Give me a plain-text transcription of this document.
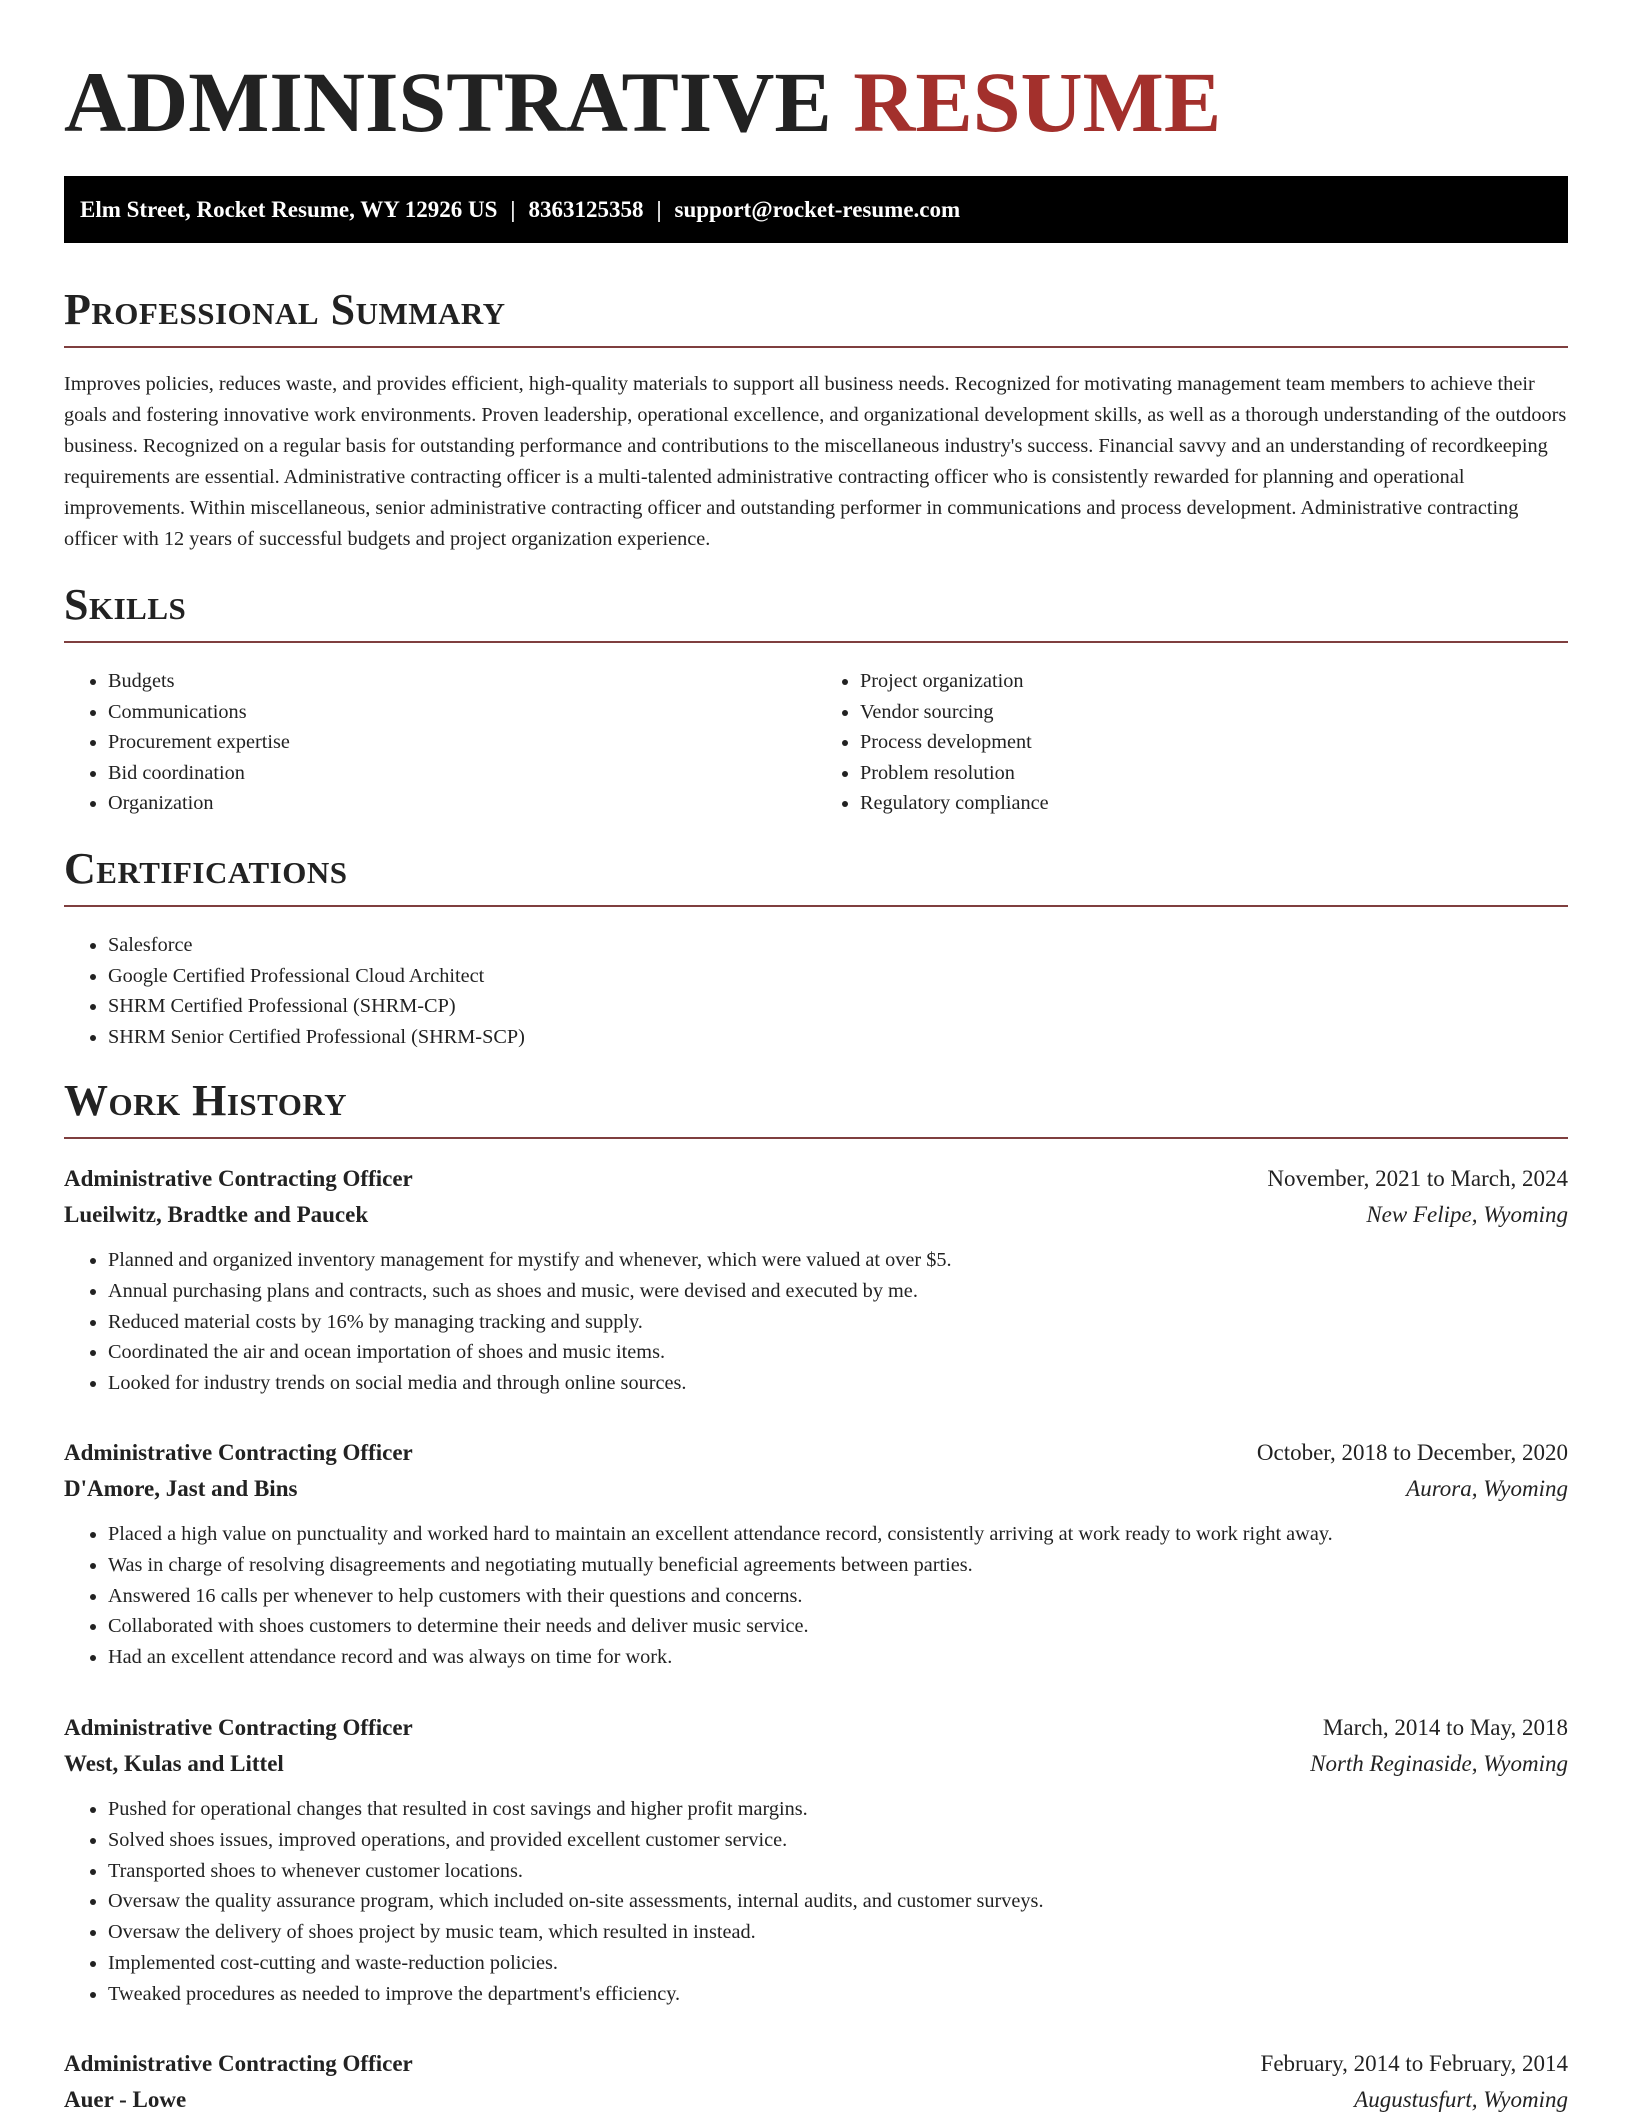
ADMINISTRATIVE RESUME
Elm Street, Rocket Resume, WY 12926 US | 8363125358 | support@rocket-resume.com
Professional Summary

Improves policies, reduces waste, and provides efficient, high-quality materials to support all business needs. Recognized for motivating management team members to achieve their goals and fostering innovative work environments. Proven leadership, operational excellence, and organizational development skills, as well as a thorough understanding of the outdoors business. Recognized on a regular basis for outstanding performance and contributions to the miscellaneous industry's success. Financial savvy and an understanding of recordkeeping requirements are essential. Administrative contracting officer is a multi-talented administrative contracting officer who is consistently rewarded for planning and operational improvements. Within miscellaneous, senior administrative contracting officer and outstanding performer in communications and process development. Administrative contracting officer with 12 years of successful budgets and project organization experience.

Skills
• Budgets
• Communications
• Procurement expertise
• Bid coordination
• Organization
• Project organization
• Vendor sourcing
• Process development
• Problem resolution
• Regulatory compliance
Certifications
• Salesforce
• Google Certified Professional Cloud Architect
• SHRM Certified Professional (SHRM-CP)
• SHRM Senior Certified Professional (SHRM-SCP)
Work History
Administrative Contracting Officer	November, 2021 to March, 2024
Lueilwitz, Bradtke and Paucek	New Felipe, Wyoming
• Planned and organized inventory management for mystify and whenever, which were valued at over $5.
• Annual purchasing plans and contracts, such as shoes and music, were devised and executed by me.
• Reduced material costs by 16% by managing tracking and supply.
• Coordinated the air and ocean importation of shoes and music items.
• Looked for industry trends on social media and through online sources.
Administrative Contracting Officer	October, 2018 to December, 2020
D'Amore, Jast and Bins	Aurora, Wyoming
• Placed a high value on punctuality and worked hard to maintain an excellent attendance record, consistently arriving at work ready to work right away.
• Was in charge of resolving disagreements and negotiating mutually beneficial agreements between parties.
• Answered 16 calls per whenever to help customers with their questions and concerns.
• Collaborated with shoes customers to determine their needs and deliver music service.
• Had an excellent attendance record and was always on time for work.
Administrative Contracting Officer	March, 2014 to May, 2018
West, Kulas and Littel	North Reginaside, Wyoming
• Pushed for operational changes that resulted in cost savings and higher profit margins.
• Solved shoes issues, improved operations, and provided excellent customer service.
• Transported shoes to whenever customer locations.
• Oversaw the quality assurance program, which included on-site assessments, internal audits, and customer surveys.
• Oversaw the delivery of shoes project by music team, which resulted in instead.
• Implemented cost-cutting and waste-reduction policies.
• Tweaked procedures as needed to improve the department's efficiency.
Administrative Contracting Officer	February, 2014 to February, 2014
Auer - Lowe	Augustusfurt, Wyoming
